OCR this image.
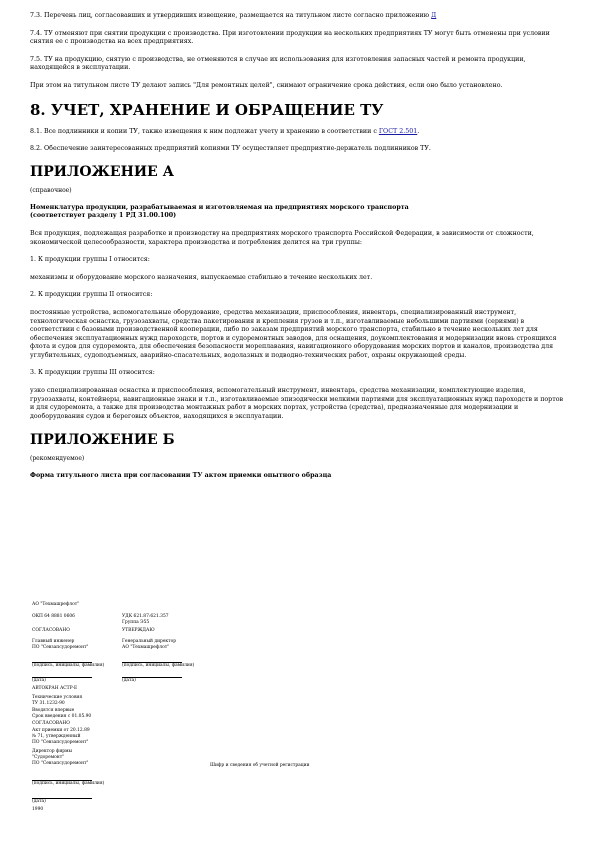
7.3. Перечень лиц, согласовавших и утвердивших извещение, размещается на титульном листе согласно приложению Д

7.4. ТУ отменяют при снятии продукции с производства. При изготовлении продукции на нескольких предприятиях ТУ могут быть отменены при условии снятия ее с производства на всех предприятиях.

7.5. ТУ на продукцию, снятую с производства, не отменяются в случае их использования для изготовления запасных частей и ремонта продукции, находящейся в эксплуатации.

При этом на титульном листе ТУ делают запись "Для ремонтных целей", снимают ограничение срока действия, если оно было установлено.

8. УЧЕТ, ХРАНЕНИЕ И ОБРАЩЕНИЕ ТУ

8.1. Все подлинники и копии ТУ, также извещения к ним подлежат учету и хранению в соответствии с ГОСТ 2.501.

8.2. Обеспечение заинтересованных предприятий копиями ТУ осуществляет предприятие-держатель подлинников ТУ.

ПРИЛОЖЕНИЕ А

(справочное)

Номенклатура продукции, разрабатываемая и изготовляемая на предприятиях морского транспорта

(соответствует разделу 1 РД 31.00.100)

Вся продукция, подлежащая разработке и производству на предприятиях морского транспорта Российской Федерации, в зависимости от сложности, экономической целесообразности, характера производства и потребления делится на три группы:

1. К продукции группы I относится:

механизмы и оборудование морского назначения, выпускаемые стабильно в течение нескольких лет.

2. К продукции группы II относится:

постоянные устройства, вспомогательные оборудование, средства механизации, приспособления, инвентарь, специализированный инструмент, технологическая оснастка, грузозахваты, средства пакетирования и крепления грузов и т.п., изготавливаемые небольшими партиями (сериями) в соответствии с базовыми производственной кооперации, либо по заказам предприятий морского транспорта, стабильно в течение нескольких лет для обеспечения эксплуатационных нужд пароходств, портов и судоремонтных заводов, для оснащения, доукомплектования и модернизации вновь строящихся флота и судов для судоремонта, для обеспечения безопасности мореплавания, навигационного оборудования морских портов и каналов, производства для углубительных, судоподъемных, аварийно-спасательных, водолазных и подводно-технических работ, охраны окружающей среды.

3. К продукции группы III относится:

узко специализированная оснастка и приспособления, вспомогательный инструмент, инвентарь, средства механизации, комплектующие изделия, грузозахваты, контейнеры, навигационные знаки и т.п., изготавливаемые эпизодически мелкими партиями для эксплуатационных нужд пароходств и портов и для судоремонта, а также для производства монтажных работ в морских портах, устройства (средства), предназначенные для модернизации и дооборудования судов и береговых объектов, находящихся в эксплуатации.

ПРИЛОЖЕНИЕ Б

(рекомендуемое)

Форма титульного листа при согласовании ТУ актом приемки опытного образца

АО "Техмашрефлот"
ОКП 64 8881 0606	УДК 621.87:621.357
Группа Э55
СОГЛАСОВАНО	УТВЕРЖДАЮ
Главный инженер
ПО "Севзапсудоремонт"
Генеральный директор
АО "Техмашрефлот"
(подпись, инициалы, фамилия)	(подпись, инициалы, фамилия)
(дата)	(дата)
АВТОКРАН АСТР-Е
Технические условия
ТУ 31.1232-90
Вводятся впервые
Срок введения с 01.05.90
СОГЛАСОВАНО
Акт приемки от 20.12.89
№ 71, утвержденный
ПО "Севзапсудоремонт"
Директор фирмы
"Судоремонт"
ПО "Севзапсудоремонт"	Шифр и сведения об учетной регистрации
(подпись, инициалы, фамилия)
(дата)
1990
